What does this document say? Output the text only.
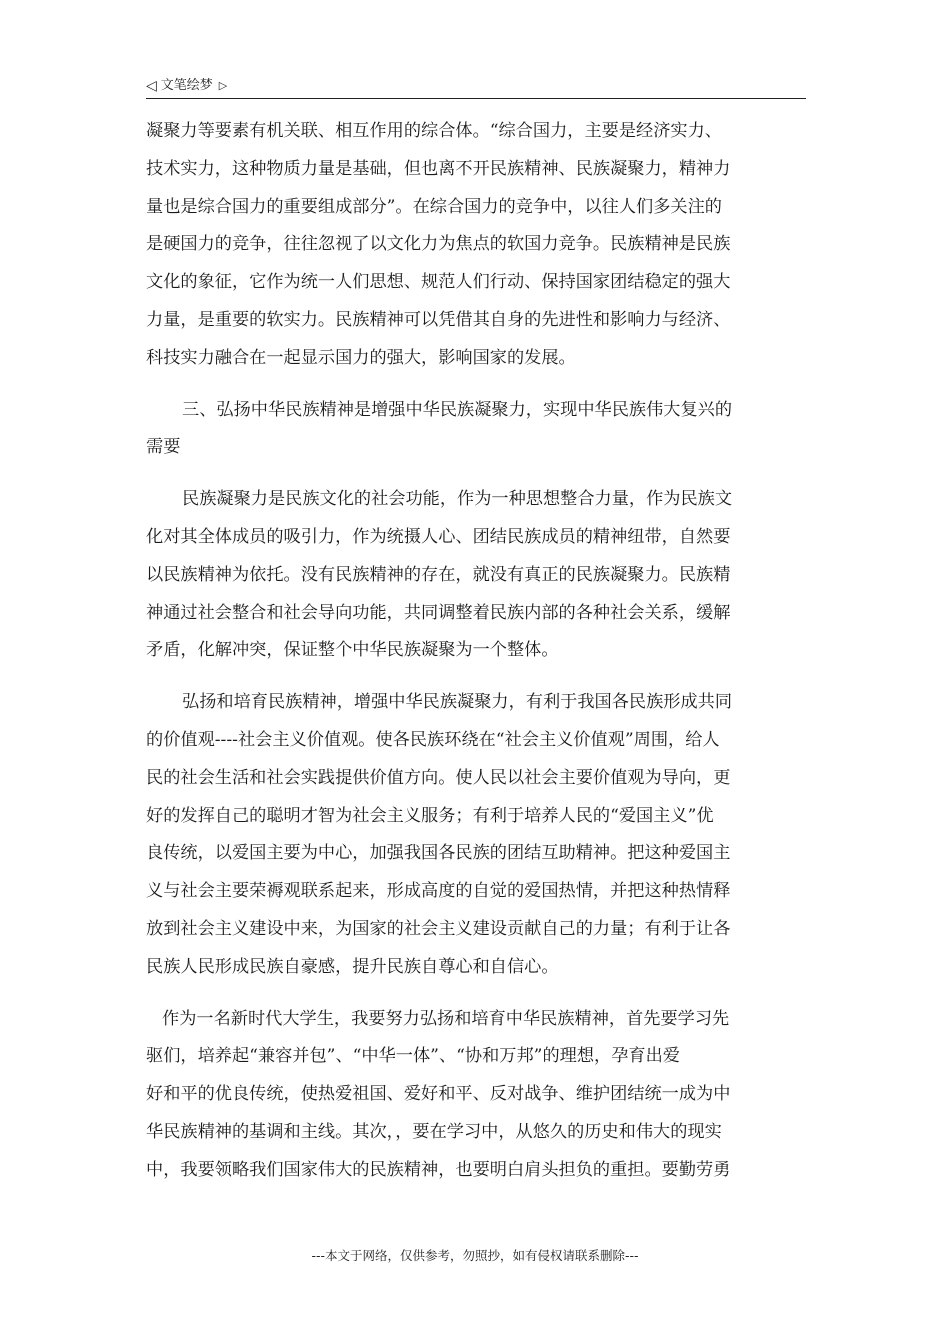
◁ 文笔绘梦 ▷

凝聚力等要素有机关联、相互作用的综合体。“综合国力，主要是经济实力、
技术实力，这种物质力量是基础，但也离不开民族精神、民族凝聚力，精神力
量也是综合国力的重要组成部分”。在综合国力的竞争中，以往人们多关注的
是硬国力的竞争，往往忽视了以文化力为焦点的软国力竞争。民族精神是民族
文化的象征，它作为统一人们思想、规范人们行动、保持国家团结稳定的强大
力量，是重要的软实力。民族精神可以凭借其自身的先进性和影响力与经济、
科技实力融合在一起显示国力的强大，影响国家的发展。

三、弘扬中华民族精神是增强中华民族凝聚力，实现中华民族伟大复兴的
需要

民族凝聚力是民族文化的社会功能，作为一种思想整合力量，作为民族文
化对其全体成员的吸引力，作为统摄人心、团结民族成员的精神纽带，自然要
以民族精神为依托。没有民族精神的存在，就没有真正的民族凝聚力。民族精
神通过社会整合和社会导向功能，共同调整着民族内部的各种社会关系，缓解
矛盾，化解冲突，保证整个中华民族凝聚为一个整体。

弘扬和培育民族精神，增强中华民族凝聚力，有利于我国各民族形成共同
的价值观----社会主义价值观。使各民族环绕在“社会主义价值观”周围，给人
民的社会生活和社会实践提供价值方向。使人民以社会主要价值观为导向，更
好的发挥自己的聪明才智为社会主义服务；有利于培养人民的“爱国主义”优
良传统，以爱国主要为中心，加强我国各民族的团结互助精神。把这种爱国主
义与社会主要荣褥观联系起来，形成高度的自觉的爱国热情，并把这种热情释
放到社会主义建设中来，为国家的社会主义建设贡献自己的力量；有利于让各
民族人民形成民族自豪感，提升民族自尊心和自信心。

作为一名新时代大学生，我要努力弘扬和培育中华民族精神，首先要学习先
驱们，培养起“兼容并包”、“中华一体”、“协和万邦”的理想，孕育出爱
好和平的优良传统，使热爱祖国、爱好和平、反对战争、维护团结统一成为中
华民族精神的基调和主线。其次，，要在学习中，从悠久的历史和伟大的现实
中，我要领略我们国家伟大的民族精神，也要明白肩头担负的重担。要勤劳勇

---本文于网络，仅供参考，勿照抄，如有侵权请联系删除---
